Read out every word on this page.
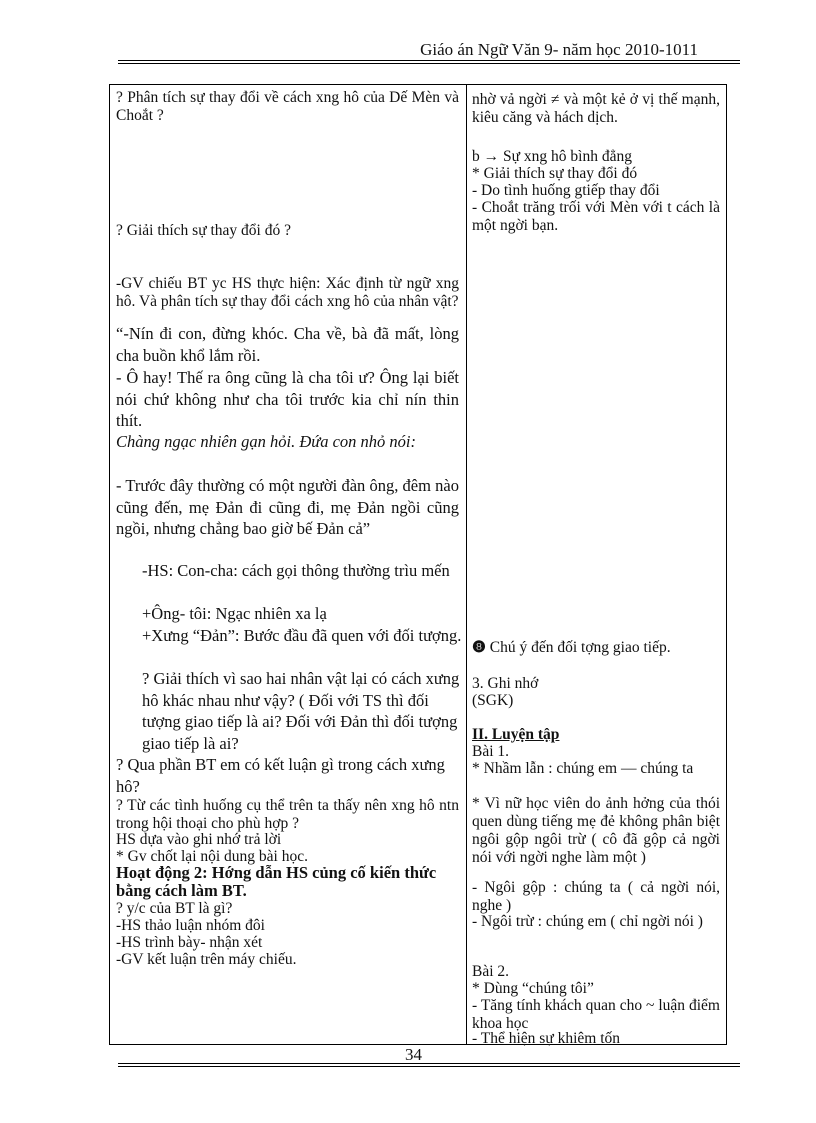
Giáo án Ngữ Văn 9- năm học 2010-1011
? Phân tích sự thay đổi về cách xng hô của Dế Mèn và Choắt ?
? Giải thích sự thay đổi đó ?
-GV chiếu BT yc HS thực hiện: Xác định từ ngữ xng hô. Và phân tích sự thay đổi cách xng hô của nhân vật?
“-Nín đi con, đừng khóc. Cha về, bà đã mất, lòng cha buồn khổ lắm rồi.
- Ô hay! Thế ra ông cũng là cha tôi ư? Ông lại biết nói chứ không như cha tôi trước kia chỉ nín thin thít.
Chàng ngạc nhiên gạn hỏi. Đứa con nhỏ nói:
- Trước đây thường có một người đàn ông, đêm nào cũng đến, mẹ Đản đi cũng đi, mẹ Đản ngồi cũng ngồi, nhưng chẳng bao giờ bế Đản cả”
-HS: Con-cha: cách gọi thông thường trìu mến
+Ông- tôi: Ngạc nhiên xa lạ
+Xưng “Đản”: Bước đầu đã quen với đối tượng.
? Giải thích vì sao hai nhân vật lại có cách xưng hô khác nhau như vậy? ( Đối với TS thì đối tượng giao tiếp là ai? Đối với Đản thì đối tượng giao tiếp là ai?
? Qua phần BT em có kết luận gì trong cách xưng hô?
? Từ các tình huống cụ thể trên ta thấy nên xng hô ntn trong hội thoại cho phù hợp ?
HS dựa vào ghi nhớ trả lời
* Gv chốt lại nội dung bài học.
Hoạt động 2: Hớng dẫn HS củng cố kiến thức bằng cách làm BT.
? y/c của BT là gì?
-HS thảo luận nhóm đôi
-HS trình bày- nhận xét
-GV kết luận trên máy chiếu.
nhờ vả ngời ≠ và một kẻ ở vị thế mạnh, kiêu căng và hách dịch.
b → Sự xng hô bình đẳng
* Giải thích sự thay đổi đó
- Do tình huống gtiếp thay đổi
- Choắt trăng trối với Mèn với t cách là một ngời bạn.
❽ Chú ý đến đối tợng giao tiếp.
3. Ghi nhớ
(SGK)
II. Luyện tập
Bài 1.
* Nhầm lẫn : chúng em — chúng ta
* Vì nữ học viên do ảnh hởng của thói quen dùng tiếng mẹ đẻ không phân biệt ngôi gộp ngôi trừ ( cô đã gộp cả ngời nói với ngời nghe làm một )
- Ngôi gộp : chúng ta ( cả ngời nói, nghe )
- Ngôi trừ : chúng em ( chỉ ngời nói )
Bài 2.
* Dùng “chúng tôi”
- Tăng tính khách quan cho ~ luận điểm khoa học
- Thể hiện sự khiêm tốn
34
